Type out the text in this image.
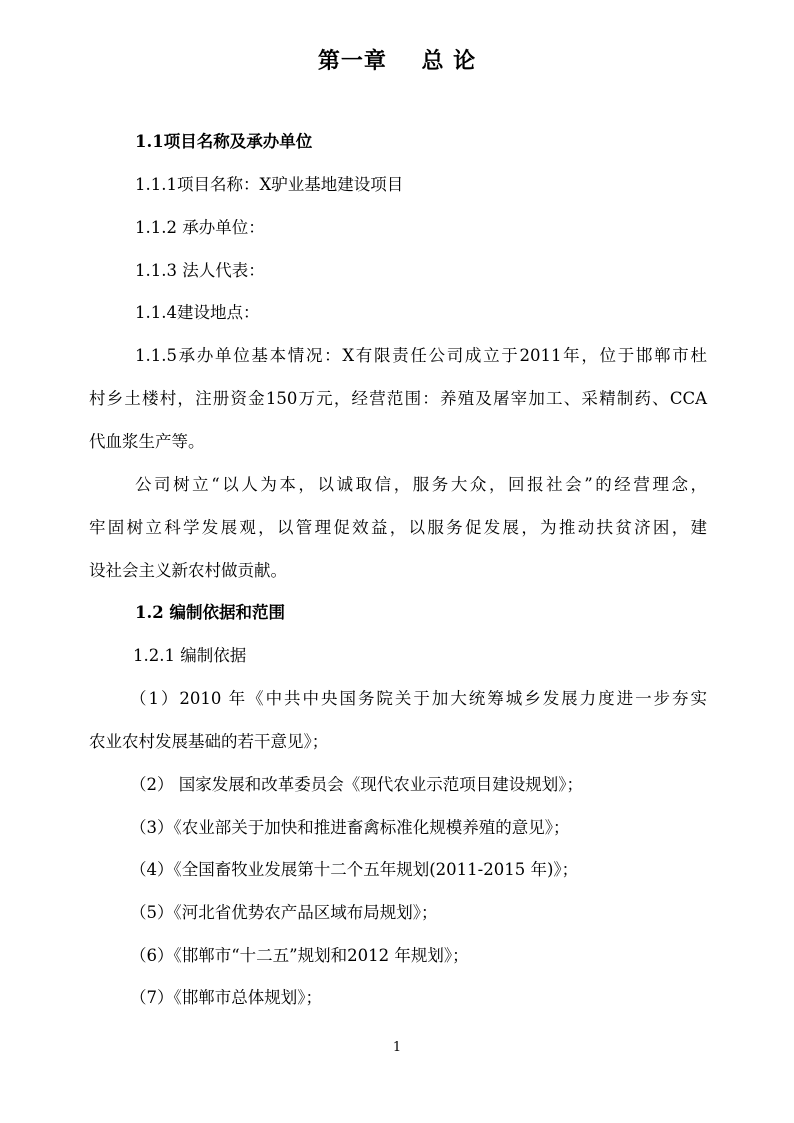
第一章    总 论
1.1项目名称及承办单位
1.1.1项目名称：X驴业基地建设项目
1.1.2 承办单位：
1.1.3 法人代表：
1.1.4建设地点：
1.1.5承办单位基本情况：X有限责任公司成立于2011年，位于邯郸市杜
村乡土楼村，注册资金150万元，经营范围：养殖及屠宰加工、采精制药、CCA
代血浆生产等。
公司树立“以人为本，以诚取信，服务大众，回报社会”的经营理念，
牢固树立科学发展观，以管理促效益，以服务促发展，为推动扶贫济困，建
设社会主义新农村做贡献。
1.2 编制依据和范围
1.2.1 编制依据
（1）2010 年《中共中央国务院关于加大统筹城乡发展力度进一步夯实
农业农村发展基础的若干意见》；
（2） 国家发展和改革委员会《现代农业示范项目建设规划》；
（3）《农业部关于加快和推进畜禽标准化规模养殖的意见》；
（4）《全国畜牧业发展第十二个五年规划(2011-2015 年)》；
（5）《河北省优势农产品区域布局规划》；
（6）《邯郸市“十二五”规划和2012 年规划》；
（7）《邯郸市总体规划》；
1
